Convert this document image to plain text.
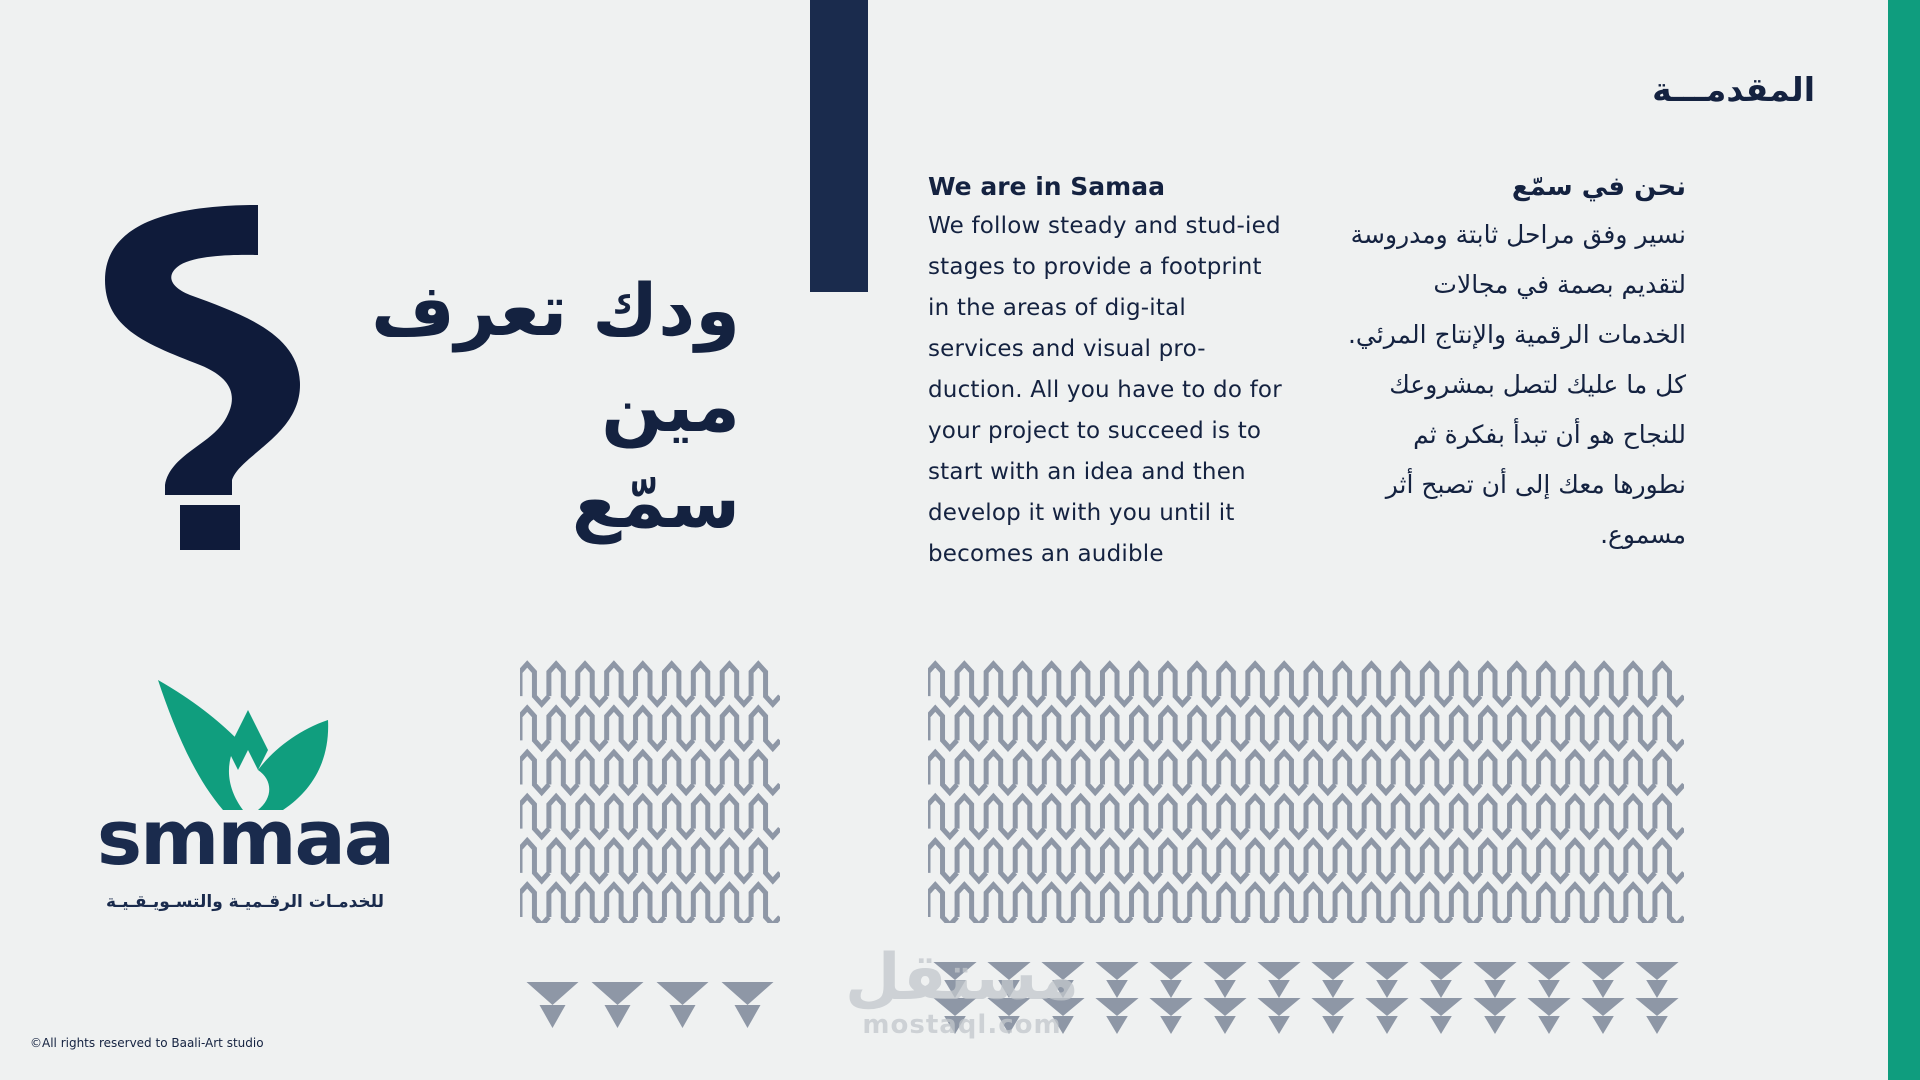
المقدمـــة
ودك تعرف مين
سمّع
We are in Samaa
We follow steady and stud-ied stages to provide a footprint in the areas of dig-ital services and visual pro-duction. All you have to do for your project to succeed is to start with an idea and then develop it with you until it becomes an audible
نحن في سمّع
نسير وفق مراحل ثابتة ومدروسة لتقديم بصمة في مجالات الخدمات الرقمية والإنتاج المرئي. كل ما عليك لتصل بمشروعك للنجاح هو أن تبدأ بفكرة ثم نطورها معك إلى أن تصبح أثر مسموع.
smmaa
للخدمـات الرقـميـة والتسـويـقـيـة
مستقل
mostaql.com
©All rights reserved to Baali-Art studio
